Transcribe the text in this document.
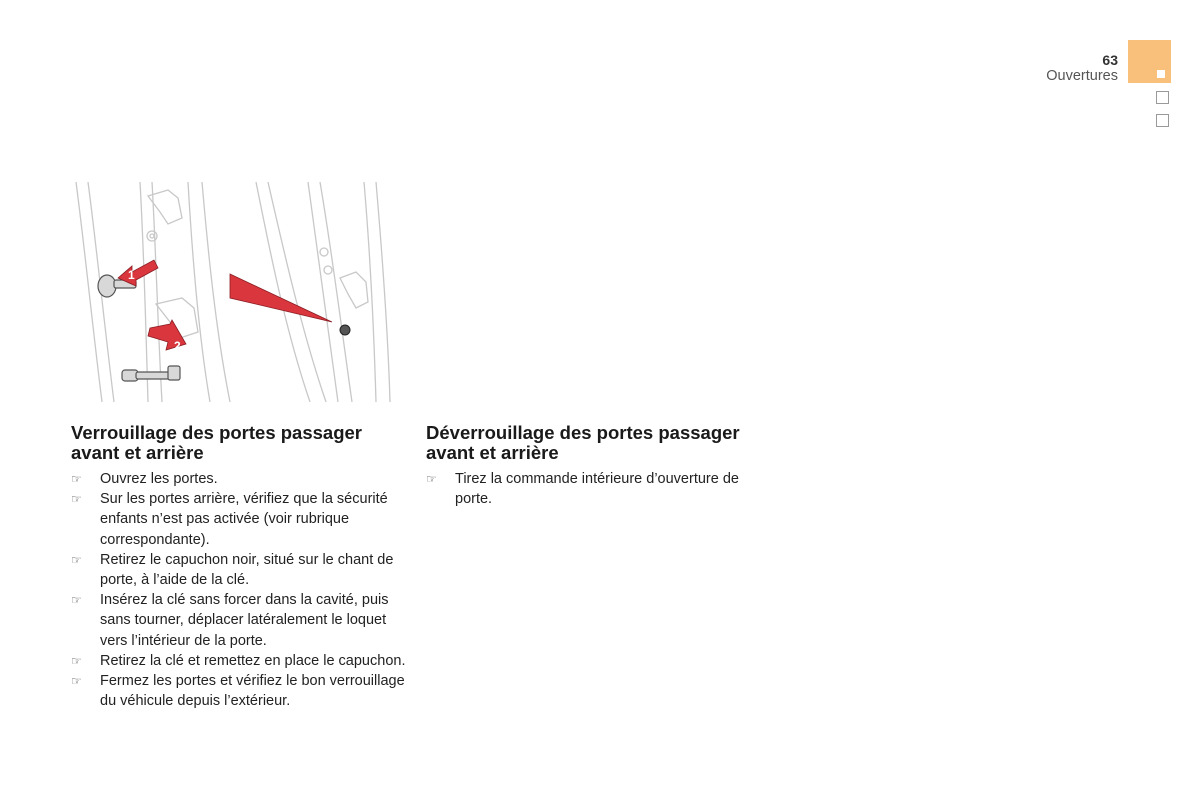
63
Ouvertures
1
2
Verrouillage des portes passager avant et arrière
☞ Ouvrez les portes.
☞ Sur les portes arrière, vérifiez que la sécurité enfants n’est pas activée (voir rubrique correspondante).
☞ Retirez le capuchon noir, situé sur le chant de porte, à l’aide de la clé.
☞ Insérez la clé sans forcer dans la cavité, puis sans tourner, déplacer latéralement le loquet vers l’intérieur de la porte.
☞ Retirez la clé et remettez en place le capuchon.
☞ Fermez les portes et vérifiez le bon verrouillage du véhicule depuis l’extérieur.
Déverrouillage des portes passager avant et arrière
☞ Tirez la commande intérieure d’ouverture de porte.
